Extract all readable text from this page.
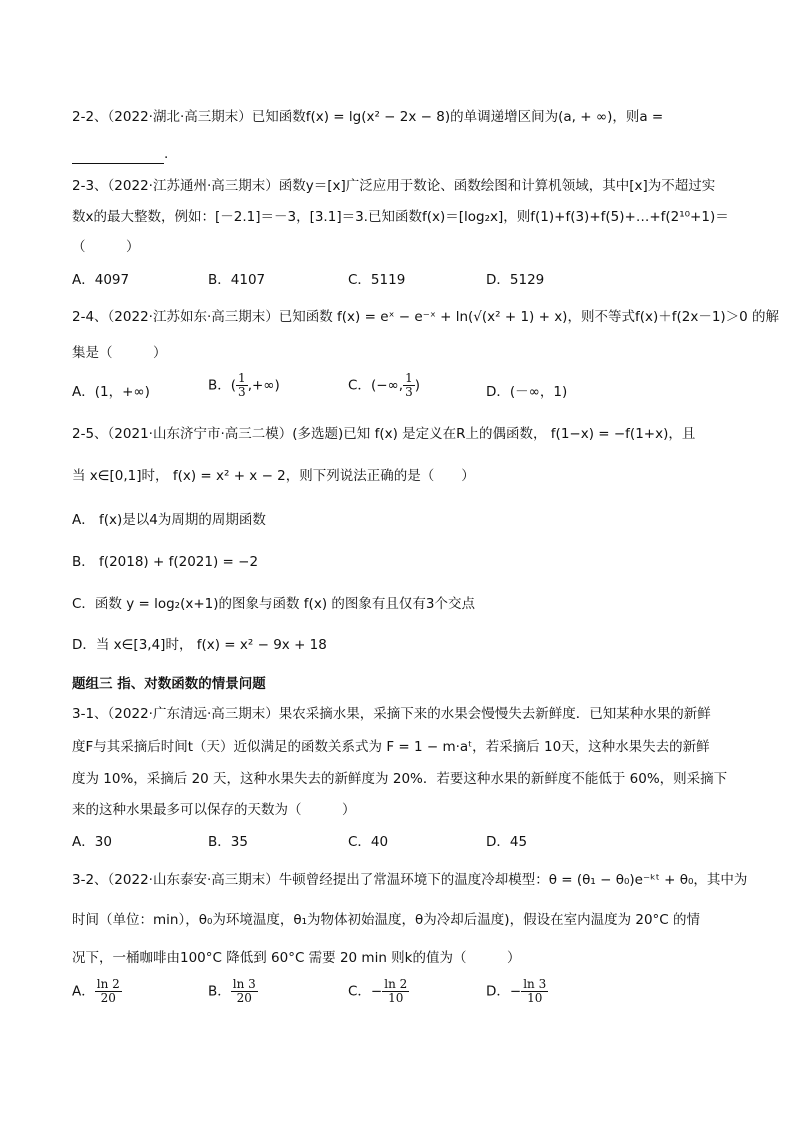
2-2、（2022·湖北·高三期末）已知函数f(x) = lg(x² − 2x − 8)的单调递增区间为(a, + ∞)，则a =
.
2-3、（2022·江苏通州·高三期末）函数y＝[x]广泛应用于数论、函数绘图和计算机领域，其中[x]为不超过实
数x的最大整数，例如：[－2.1]＝－3，[3.1]＝3.已知函数f(x)＝[log₂x]，则f(1)+f(3)+f(5)+…+f(2¹⁰+1)＝
（　　　）
A．4097	B．4107	C．5119	D．5129
2-4、（2022·江苏如东·高三期末）已知函数 f(x) = eˣ − e⁻ˣ + ln(√(x² + 1) + x)，则不等式f(x)＋f(2x－1)＞0 的解
集是（　　　）
A．(1，+∞)	B．( $\frac{1}{3}$ ,+∞)	C．(−∞, $\frac{1}{3}$ )	D．(－∞，1)
2-5、（2021·山东济宁市·高三二模）(多选题)已知 f(x) 是定义在R上的偶函数， f(1−x) = −f(1+x)，且
当 x∈[0,1]时， f(x) = x² + x − 2，则下列说法正确的是（　　）
A． f(x)是以4为周期的周期函数
B． f(2018) + f(2021) = −2
C．函数 y = log₂(x+1)的图象与函数 f(x) 的图象有且仅有3个交点
D．当 x∈[3,4]时， f(x) = x² − 9x + 18
题组三 指、对数函数的情景问题
3-1、（2022·广东清远·高三期末）果农采摘水果，采摘下来的水果会慢慢失去新鲜度．已知某种水果的新鲜
度F与其采摘后时间t（天）近似满足的函数关系式为 F = 1 − m·aᵗ，若采摘后 10天，这种水果失去的新鲜
度为 10%，采摘后 20 天，这种水果失去的新鲜度为 20%．若要这种水果的新鲜度不能低于 60%，则采摘下
来的这种水果最多可以保存的天数为（　　　）
A．30	B．35	C．40	D．45
3-2、（2022·山东泰安·高三期末）牛顿曾经提出了常温环境下的温度冷却模型：θ = (θ₁ − θ₀)e⁻ᵏᵗ + θ₀，其中为
时间（单位：min），θ₀为环境温度，θ₁为物体初始温度，θ为冷却后温度)，假设在室内温度为 20°C 的情
况下，一桶咖啡由100°C 降低到 60°C 需要 20 min 则k的值为（　　　）
A． $\frac{\ln 2}{20}$	B． $\frac{\ln 3}{20}$	C．− $\frac{\ln 2}{10}$	D．− $\frac{\ln 3}{10}$
